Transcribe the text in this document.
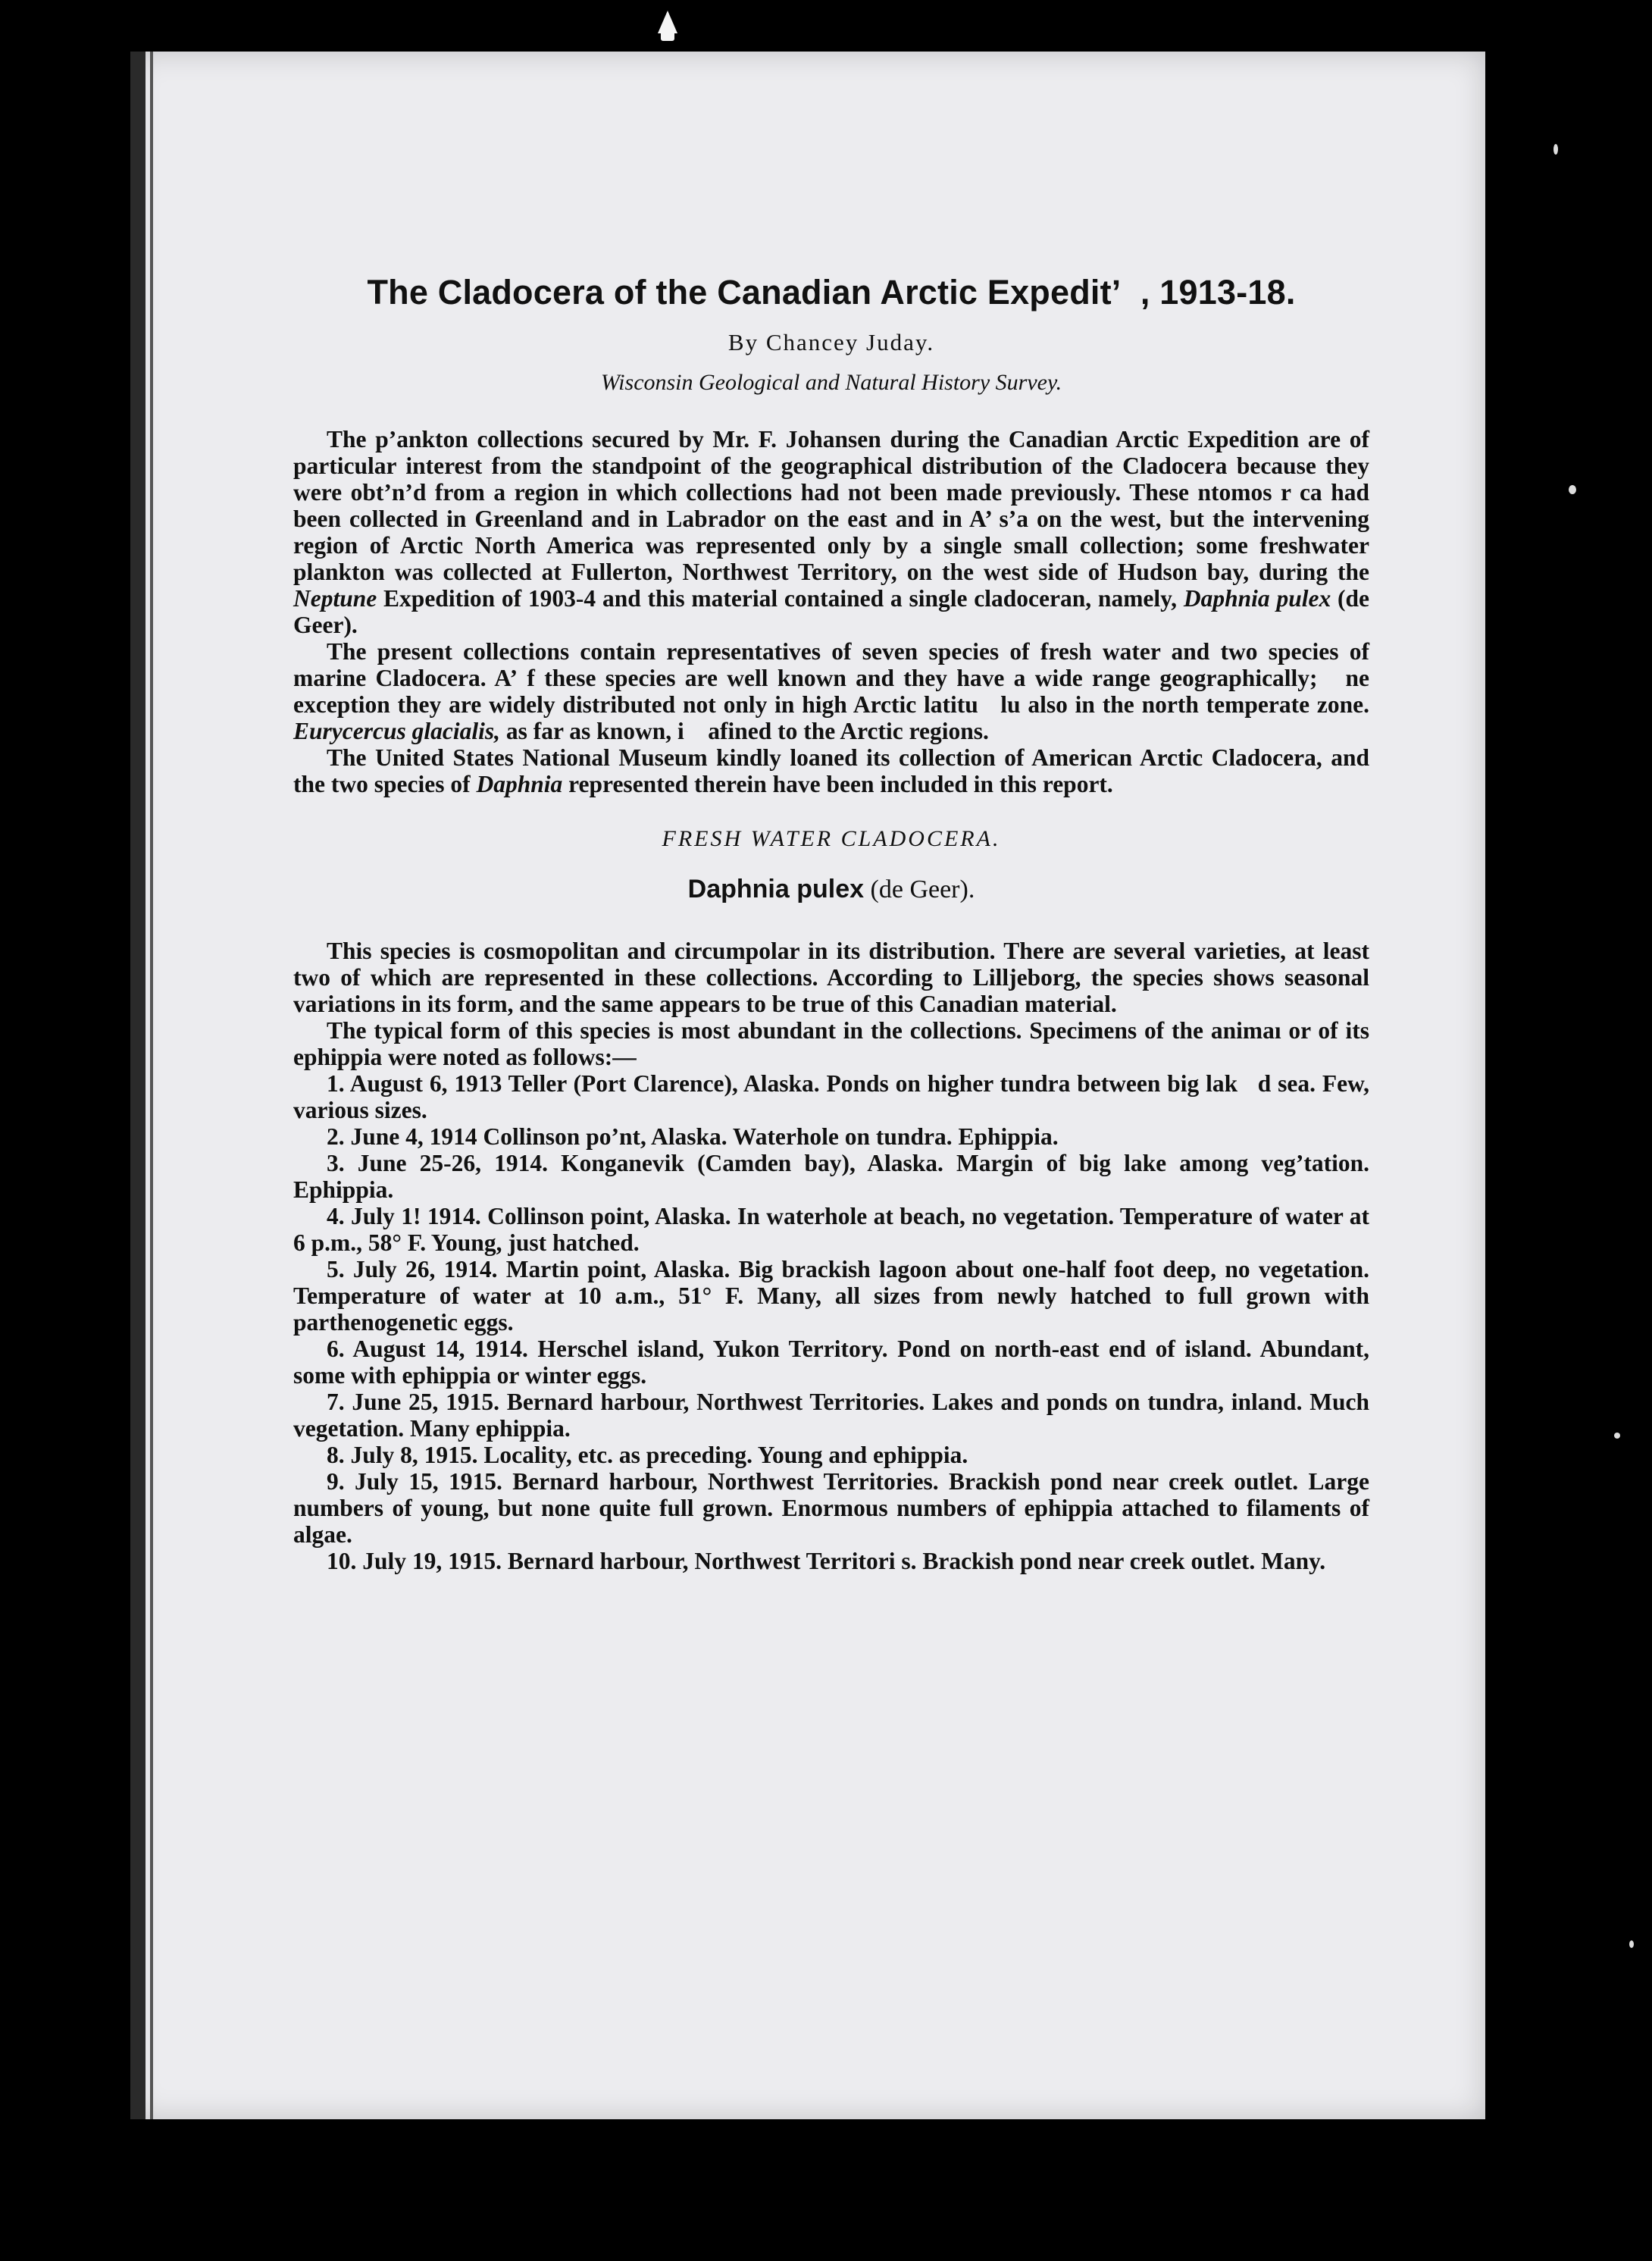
The Cladocera of the Canadian Arctic Expedit’  , 1913-18.
By Chancey Juday.
Wisconsin Geological and Natural History Survey.

The p’ankton collections secured by Mr. F. Johansen during the Canadian Arctic Expedition are of particular interest from the standpoint of the geographical distribution of the Cladocera because they were obt’n’d from a region in which collections had not been made previously. These ntomos r ca had been collected in Greenland and in Labrador on the east and in A’ s’a on the west, but the intervening region of Arctic North America was represented only by a single small collection; some freshwater plankton was collected at Fullerton, Northwest Territory, on the west side of Hudson bay, during the Neptune Expedition of 1903-4 and this material contained a single cladoceran, namely, Daphnia pulex (de Geer).

The present collections contain representatives of seven species of fresh water and two species of marine Cladocera. A’ f these species are well known and they have a wide range geographically;   ne exception they are widely distributed not only in high Arctic latitu   lu also in the north temperate zone. Eurycercus glacialis, as far as known, i    afined to the Arctic regions.

The United States National Museum kindly loaned its collection of American Arctic Cladocera, and the two species of Daphnia represented therein have been included in this report.

FRESH WATER CLADOCERA.
Daphnia pulex (de Geer).

This species is cosmopolitan and circumpolar in its distribution. There are several varieties, at least two of which are represented in these collections. According to Lilljeborg, the species shows seasonal variations in its form, and the same appears to be true of this Canadian material.

The typical form of this species is most abundant in the collections. Specimens of the animaı or of its ephippia were noted as follows:—

1. August 6, 1913 Teller (Port Clarence), Alaska. Ponds on higher tundra between big lak   d sea. Few, various sizes.

2. June 4, 1914 Collinson po’nt, Alaska. Waterhole on tundra. Ephippia.

3. June 25-26, 1914. Konganevik (Camden bay), Alaska. Margin of big lake among veg’tation. Ephippia.

4. July 1! 1914. Collinson point, Alaska. In waterhole at beach, no vegetation. Temperature of water at 6 p.m., 58° F. Young, just hatched.

5. July 26, 1914. Martin point, Alaska. Big brackish lagoon about one-half foot deep, no vegetation. Temperature of water at 10 a.m., 51° F. Many, all sizes from newly hatched to full grown with parthenogenetic eggs.

6. August 14, 1914. Herschel island, Yukon Territory. Pond on north-east end of island. Abundant, some with ephippia or winter eggs.

7. June 25, 1915. Bernard harbour, Northwest Territories. Lakes and ponds on tundra, inland. Much vegetation. Many ephippia.

8. July 8, 1915. Locality, etc. as preceding. Young and ephippia.

9. July 15, 1915. Bernard harbour, Northwest Territories. Brackish pond near creek outlet. Large numbers of young, but none quite full grown. Enormous numbers of ephippia attached to filaments of algae.

10. July 19, 1915. Bernard harbour, Northwest Territori s. Brackish pond near creek outlet. Many.
